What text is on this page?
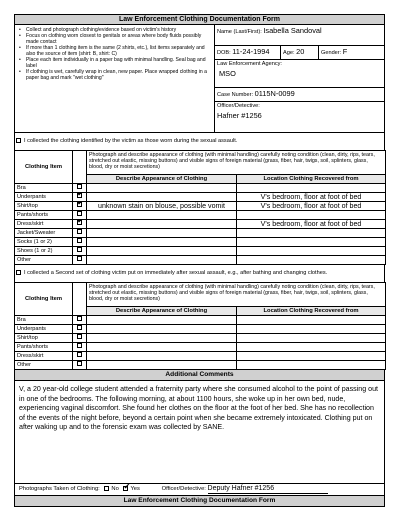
Law Enforcement Clothing Documentation Form
• Collect and photograph clothing/evidence based on victim's history
• Focus on clothing worn closest to genitals or areas where body fluids possibly made contact
• If more than 1 clothing item is the same (2 shirts, etc.), list items separately and also the source of item (shirt: B, shirt: C)
• Place each item individually in a paper bag with minimal handling. Seal bag and label
• If clothing is wet, carefully wrap in clean, new paper. Place wrapped clothing in a paper bag and mark "wet clothing"
Name (Last/First): Isabella Sandoval
DOB: 11-24-1994	Age: 20	Gender: F
Law Enforcement Agency:
MSO
Case Number: 0115N-0099
Officer/Detective:
Hafner #1256
I collected the clothing identified by the victim as those worn during the sexual assault.
Clothing Item		Photograph and describe appearance of clothing (with minimal handling) carefully noting condition (clean, dirty, rips, tears, stretched out elastic, missing buttons) and visible signs of foreign material (grass, fiber, hair, twigs, soil, splinters, glass, blood, dry or moist secretions)	
		Describe Appearance of Clothing	Location Clothing Recovered from
Bra			
Underpants	✔		V's bedroom, floor at foot of bed
Shirt/top	✔	unknown stain on blouse, possible vomit	V's bedroom, floor at foot of bed
Pants/shorts			
Dress/skirt	✔		V's bedroom, floor at foot of bed
Jacket/Sweater			
Socks (1 or 2)			
Shoes (1 or 2)			
Other			
I collected a Second set of clothing victim put on immediately after sexual assault, e.g., after bathing and changing clothes.
Clothing Item		Photograph and describe appearance of clothing (with minimal handling) carefully noting condition (clean, dirty, rips, tears, stretched out elastic, missing buttons) and visible signs of foreign material (grass, fiber, hair, twigs, soil, splinters, glass, blood, dry or moist secretions)	
		Describe Appearance of Clothing	Location Clothing Recovered from
Bra			
Underpants			
Shirt/top			
Pants/shorts			
Dress/skirt			
Other			
Additional Comments
V, a 20 year-old college student attended a fraternity party where she consumed alcohol to the point of passing out in one of the bedrooms. The following morning, at about 1100 hours, she woke up in her own bed, nude, experiencing vaginal discomfort. She found her clothes on the floor at the foot of her bed. She has no recollection of the events of the night before, beyond a certain point when she became extremely intoxicated. Clothing put on after waking up and to the forensic exam was collected by SANE.
Photographs Taken of Clothing: No ✔ Yes	Officer/Detective: Deputy Hafner #1256
Law Enforcement Clothing Documentation Form
